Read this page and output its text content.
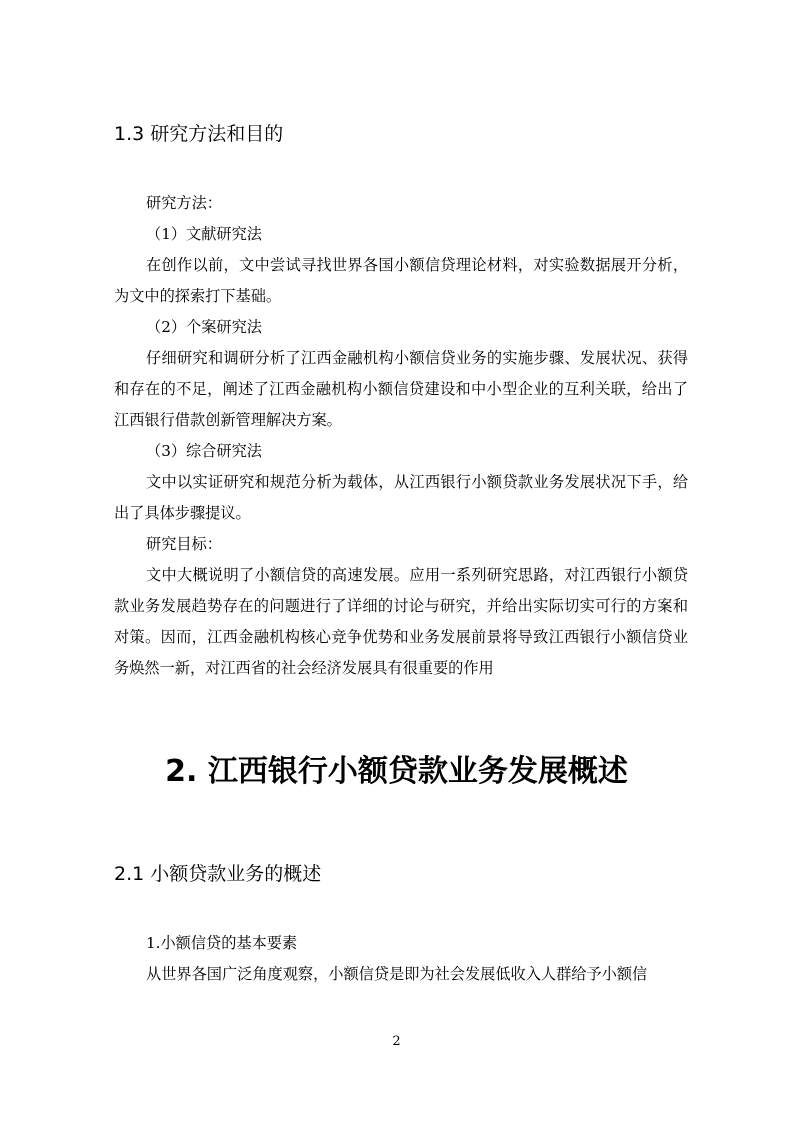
1.3 研究方法和目的

研究方法：

（1）文献研究法

在创作以前，文中尝试寻找世界各国小额信贷理论材料，对实验数据展开分析，为文中的探索打下基础。

（2）个案研究法

仔细研究和调研分析了江西金融机构小额信贷业务的实施步骤、发展状况、获得和存在的不足，阐述了江西金融机构小额信贷建设和中小型企业的互利关联，给出了江西银行借款创新管理解决方案。

（3）综合研究法

文中以实证研究和规范分析为载体，从江西银行小额贷款业务发展状况下手，给出了具体步骤提议。

研究目标：

文中大概说明了小额信贷的高速发展。应用一系列研究思路，对江西银行小额贷款业务发展趋势存在的问题进行了详细的讨论与研究，并给出实际切实可行的方案和对策。因而，江西金融机构核心竞争优势和业务发展前景将导致江西银行小额信贷业务焕然一新，对江西省的社会经济发展具有很重要的作用

2. 江西银行小额贷款业务发展概述
2.1 小额贷款业务的概述

1.小额信贷的基本要素

从世界各国广泛角度观察，小额信贷是即为社会发展低收入人群给予小额信

2
